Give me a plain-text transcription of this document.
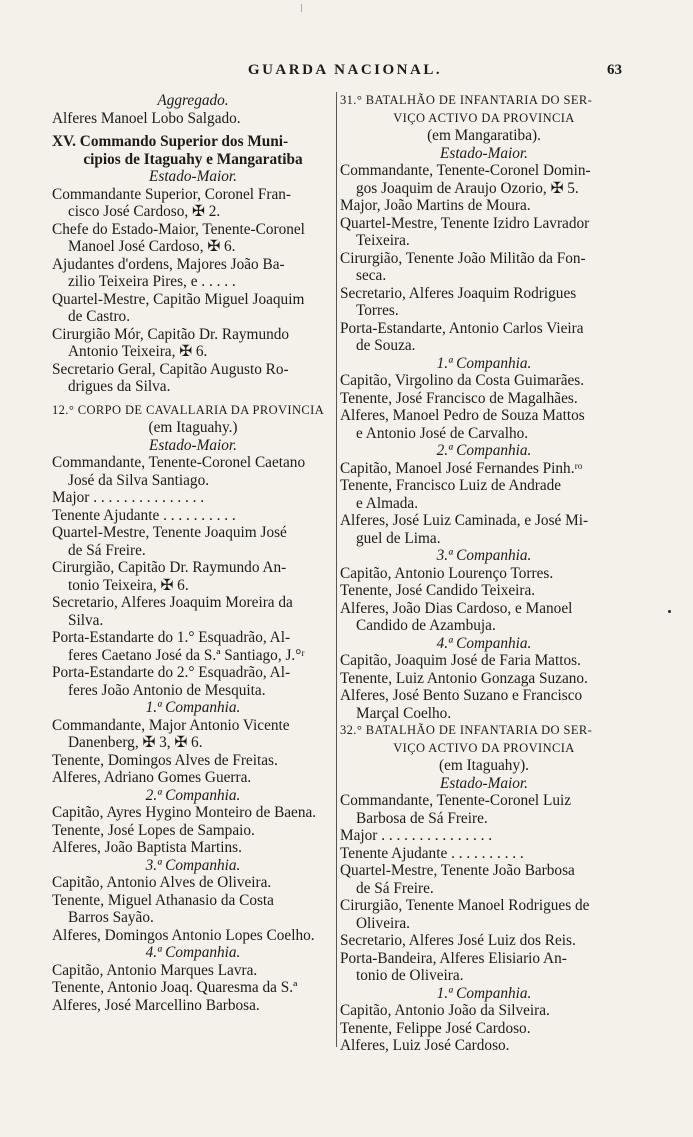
GUARDA NACIONAL.	63
Aggregado.
Alferes Manoel Lobo Salgado.
XV. Commando Superior dos Muni-
cipios de Itaguahy e Mangaratiba
Estado-Maior.
Commandante Superior, Coronel Fran-
cisco José Cardoso, ✠ 2.
Chefe do Estado-Maior, Tenente-Coronel
Manoel José Cardoso, ✠ 6.
Ajudantes d'ordens, Majores João Ba-
zilio Teixeira Pires, e . . . . .
Quartel-Mestre, Capitão Miguel Joaquim
de Castro.
Cirurgião Mór, Capitão Dr. Raymundo
Antonio Teixeira, ✠ 6.
Secretario Geral, Capitão Augusto Ro-
drigues da Silva.
12.° CORPO DE CAVALLARIA DA PROVINCIA
(em Itaguahy.)
Estado-Maior.
Commandante, Tenente-Coronel Caetano
José da Silva Santiago.
Major . . . . . . . . . . . . . . .
Tenente Ajudante . . . . . . . . . .
Quartel-Mestre, Tenente Joaquim José
de Sá Freire.
Cirurgião, Capitão Dr. Raymundo An-
tonio Teixeira, ✠ 6.
Secretario, Alferes Joaquim Moreira da
Silva.
Porta-Estandarte do 1.° Esquadrão, Al-
feres Caetano José da S.ª Santiago, J.°ʳ
Porta-Estandarte do 2.° Esquadrão, Al-
feres João Antonio de Mesquita.
1.ª Companhia.
Commandante, Major Antonio Vicente
Danenberg, ✠ 3, ✠ 6.
Tenente, Domingos Alves de Freitas.
Alferes, Adriano Gomes Guerra.
2.ª Companhia.
Capitão, Ayres Hygino Monteiro de Baena.
Tenente, José Lopes de Sampaio.
Alferes, João Baptista Martins.
3.ª Companhia.
Capitão, Antonio Alves de Oliveira.
Tenente, Miguel Athanasio da Costa
Barros Sayão.
Alferes, Domingos Antonio Lopes Coelho.
4.ª Companhia.
Capitão, Antonio Marques Lavra.
Tenente, Antonio Joaq. Quaresma da S.ª
Alferes, José Marcellino Barbosa.
31.° BATALHÃO DE INFANTARIA DO SER-
VIÇO ACTIVO DA PROVINCIA
(em Mangaratiba).
Estado-Maior.
Commandante, Tenente-Coronel Domin-
gos Joaquim de Araujo Ozorio, ✠ 5.
Major, João Martins de Moura.
Quartel-Mestre, Tenente Izidro Lavrador
Teixeira.
Cirurgião, Tenente João Militão da Fon-
seca.
Secretario, Alferes Joaquim Rodrigues
Torres.
Porta-Estandarte, Antonio Carlos Vieira
de Souza.
1.ª Companhia.
Capitão, Virgolino da Costa Guimarães.
Tenente, José Francisco de Magalhães.
Alferes, Manoel Pedro de Souza Mattos
e Antonio José de Carvalho.
2.ª Companhia.
Capitão, Manoel José Fernandes Pinh.ʳᵒ
Tenente, Francisco Luiz de Andrade
e Almada.
Alferes, José Luiz Caminada, e José Mi-
guel de Lima.
3.ª Companhia.
Capitão, Antonio Lourenço Torres.
Tenente, José Candido Teixeira.
Alferes, João Dias Cardoso, e Manoel
Candido de Azambuja.
4.ª Companhia.
Capitão, Joaquim José de Faria Mattos.
Tenente, Luiz Antonio Gonzaga Suzano.
Alferes, José Bento Suzano e Francisco
Marçal Coelho.
32.° BATALHÃO DE INFANTARIA DO SER-
VIÇO ACTIVO DA PROVINCIA
(em Itaguahy).
Estado-Maior.
Commandante, Tenente-Coronel Luiz
Barbosa de Sá Freire.
Major . . . . . . . . . . . . . . .
Tenente Ajudante . . . . . . . . . .
Quartel-Mestre, Tenente João Barbosa
de Sá Freire.
Cirurgião, Tenente Manoel Rodrigues de
Oliveira.
Secretario, Alferes José Luiz dos Reis.
Porta-Bandeira, Alferes Elisiario An-
tonio de Oliveira.
1.ª Companhia.
Capitão, Antonio João da Silveira.
Tenente, Felippe José Cardoso.
Alferes, Luiz José Cardoso.
